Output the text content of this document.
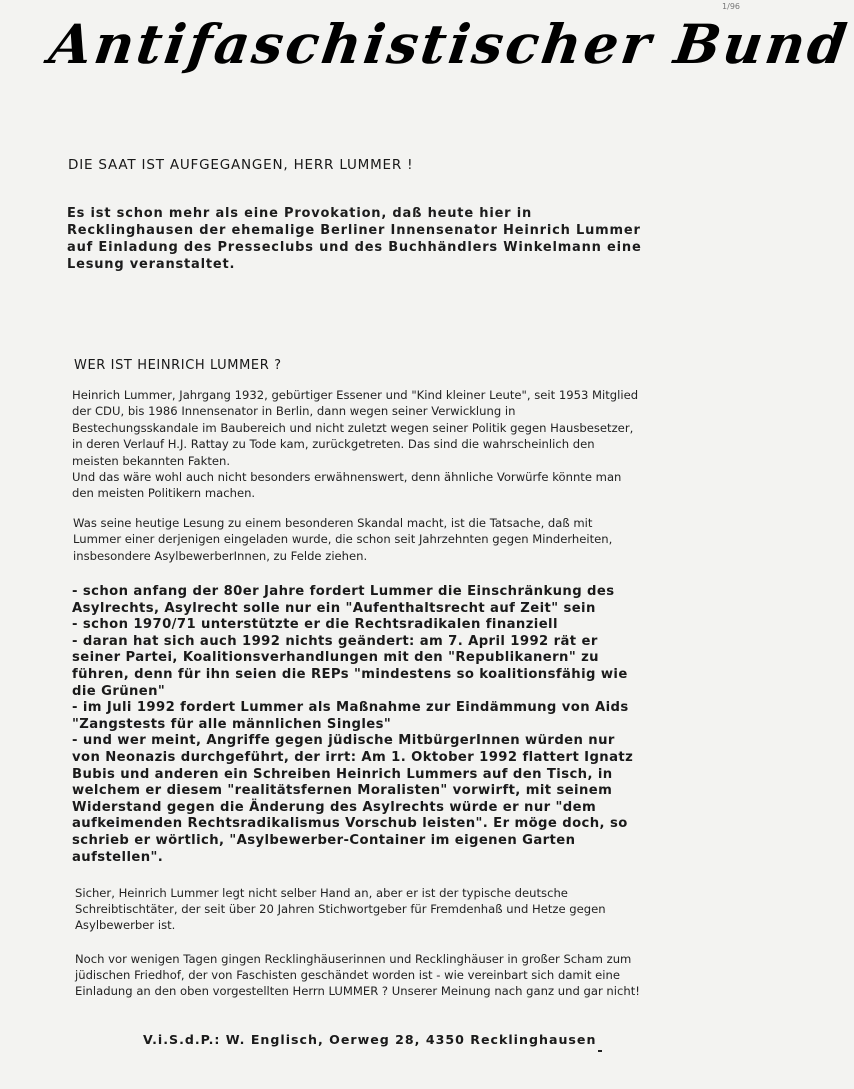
Antifaschistischer Bund
1/96
DIE SAAT IST AUFGEGANGEN, HERR LUMMER !
Es ist schon mehr als eine Provokation, daß heute hier in Recklinghausen der ehemalige Berliner Innensenator Heinrich Lummer auf Einladung des Presseclubs und des Buchhändlers Winkelmann eine Lesung veranstaltet.
WER IST HEINRICH LUMMER ?

Heinrich Lummer, Jahrgang 1932, gebürtiger Essener und "Kind kleiner Leute", seit 1953 Mitglied der CDU, bis 1986 Innensenator in Berlin, dann wegen seiner Verwicklung in Bestechungsskandale im Baubereich und nicht zuletzt wegen seiner Politik gegen Hausbesetzer, in deren Verlauf H.J. Rattay zu Tode kam, zurückgetreten. Das sind die wahrscheinlich den meisten bekannten Fakten.

Und das wäre wohl auch nicht besonders erwähnenswert, denn ähnliche Vorwürfe könnte man den meisten Politikern machen.

Was seine heutige Lesung zu einem besonderen Skandal macht, ist die Tatsache, daß mit Lummer einer derjenigen eingeladen wurde, die schon seit Jahrzehnten gegen Minderheiten, insbesondere AsylbewerberInnen, zu Felde ziehen.

- schon anfang der 80er Jahre fordert Lummer die Einschränkung des Asylrechts, Asylrecht solle nur ein "Aufenthaltsrecht auf Zeit" sein

- schon 1970/71 unterstützte er die Rechtsradikalen finanziell

- daran hat sich auch 1992 nichts geändert: am 7. April 1992 rät er seiner Partei, Koalitionsverhandlungen mit den "Republikanern" zu führen, denn für ihn seien die REPs "mindestens so koalitionsfähig wie die Grünen"

- im Juli 1992 fordert Lummer als Maßnahme zur Eindämmung von Aids "Zangstests für alle männlichen Singles"

- und wer meint, Angriffe gegen jüdische MitbürgerInnen würden nur von Neonazis durchgeführt, der irrt: Am 1. Oktober 1992 flattert Ignatz Bubis und anderen ein Schreiben Heinrich Lummers auf den Tisch, in welchem er diesem "realitätsfernen Moralisten" vorwirft, mit seinem Widerstand gegen die Änderung des Asylrechts würde er nur "dem aufkeimenden Rechtsradikalismus Vorschub leisten". Er möge doch, so schrieb er wörtlich, "Asylbewerber-Container im eigenen Garten aufstellen".

Sicher, Heinrich Lummer legt nicht selber Hand an, aber er ist der typische deutsche Schreibtischtäter, der seit über 20 Jahren Stichwortgeber für Fremdenhaß und Hetze gegen Asylbewerber ist.
Noch vor wenigen Tagen gingen Recklinghäuserinnen und Recklinghäuser in großer Scham zum jüdischen Friedhof, der von Faschisten geschändet worden ist - wie vereinbart sich damit eine Einladung an den oben vorgestellten Herrn LUMMER ? Unserer Meinung nach ganz und gar nicht!
V.i.S.d.P.: W. Englisch, Oerweg 28, 4350 Recklinghausen
